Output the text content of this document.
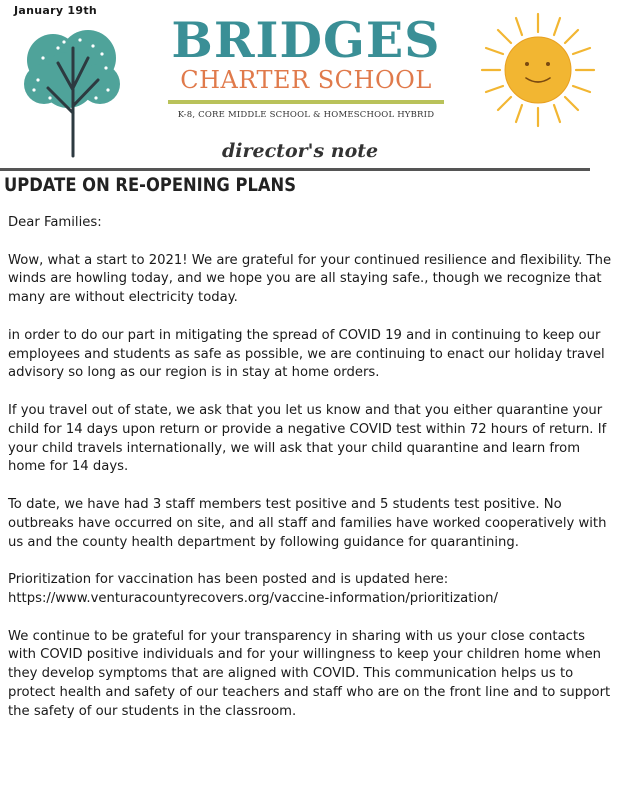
January 19th
BRIDGES
CHARTER SCHOOL
K-8, CORE MIDDLE SCHOOL & HOMESCHOOL HYBRID
director's note
UPDATE ON RE-OPENING PLANS

Dear Families:

Wow, what a start to 2021! We are grateful for your continued resilience and flexibility. The winds are howling today, and we hope you are all staying safe., though we recognize that many are without electricity today.

in order to do our part in mitigating the spread of COVID 19 and in continuing to keep our employees and students as safe as possible, we are continuing to enact our holiday travel advisory so long as our region is in stay at home orders.

If you travel out of state, we ask that you let us know and that you either quarantine your child for 14 days upon return or provide a negative COVID test within 72 hours of return. If your child travels internationally, we will ask that your child quarantine and learn from home for 14 days.

To date, we have had 3 staff members test positive and 5 students test positive. No outbreaks have occurred on site, and all staff and families have worked cooperatively with us and the county health department by following guidance for quarantining.

Prioritization for vaccination has been posted and is updated here: https://www.venturacountyrecovers.org/vaccine-information/prioritization/

We continue to be grateful for your transparency in sharing with us your close contacts with COVID positive individuals and for your willingness to keep your children home when they develop symptoms that are aligned with COVID. This communication helps us to protect health and safety of our teachers and staff who are on the front line and to support the safety of our students in the classroom.
